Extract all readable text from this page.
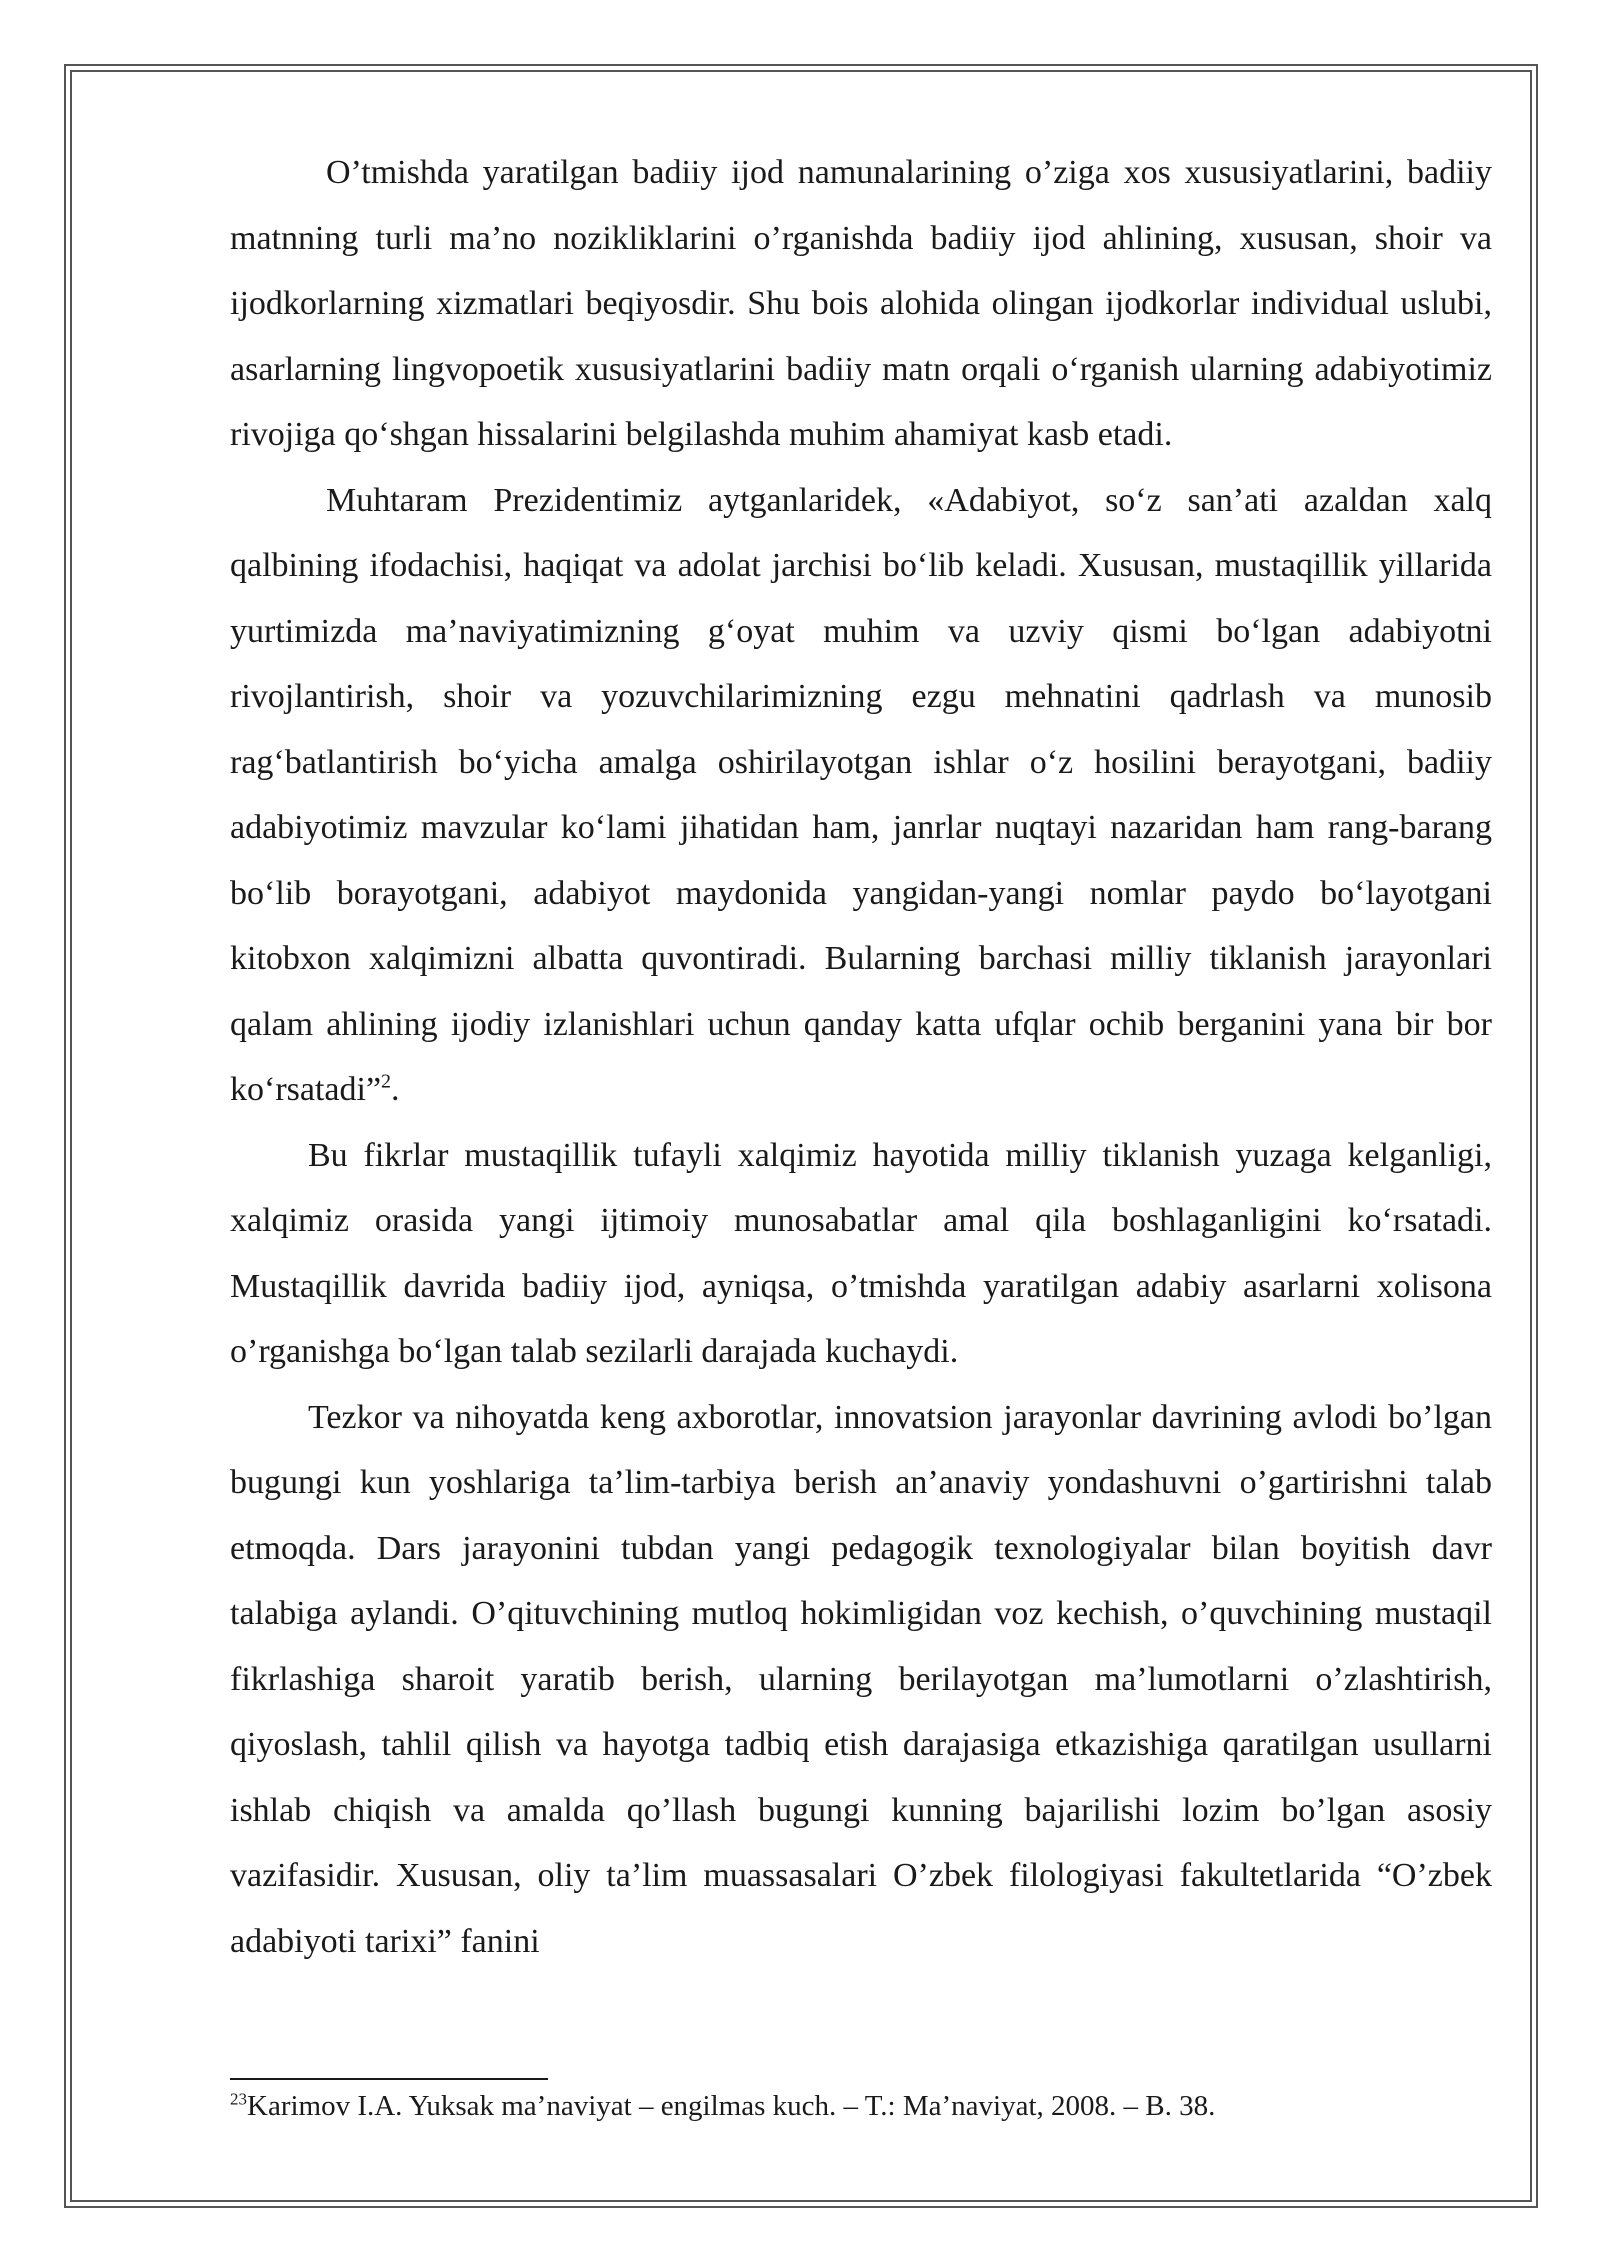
O’tmishda yaratilgan badiiy ijod namunalarining o’ziga xos xususiyatlarini, badiiy matnning turli ma’no nozikliklarini o’rganishda badiiy ijod ahlining, xususan, shoir va ijodkorlarning xizmatlari beqiyosdir. Shu bois alohida olingan ijodkorlar individual uslubi, asarlarning lingvopoetik xususiyatlarini badiiy matn orqali o‘rganish ularning adabiyotimiz rivojiga qo‘shgan hissalarini belgilashda muhim ahamiyat kasb etadi.

Muhtaram Prezidentimiz aytganlaridek, «Adabiyot, so‘z san’ati azaldan xalq qalbining ifodachisi, haqiqat va adolat jarchisi bo‘lib keladi. Xususan, mustaqillik yillarida yurtimizda ma’naviyatimizning g‘oyat muhim va uzviy qismi bo‘lgan adabiyotni rivojlantirish, shoir va yozuvchilarimizning ezgu mehnatini qadrlash va munosib rag‘batlantirish bo‘yicha amalga oshirilayotgan ishlar o‘z hosilini berayotgani, badiiy adabiyotimiz mavzular ko‘lami jihatidan ham, janrlar nuqtayi nazaridan ham rang-barang bo‘lib borayotgani, adabiyot maydonida yangidan-yangi nomlar paydo bo‘layotgani kitobxon xalqimizni albatta quvontiradi. Bularning barchasi milliy tiklanish jarayonlari qalam ahlining ijodiy izlanishlari uchun qanday katta ufqlar ochib berganini yana bir bor ko‘rsatadi”$^2$.

Bu fikrlar mustaqillik tufayli xalqimiz hayotida milliy tiklanish yuzaga kelganligi, xalqimiz orasida yangi ijtimoiy munosabatlar amal qila boshlaganligini ko‘rsatadi. Mustaqillik davrida badiiy ijod, ayniqsa, o’tmishda yaratilgan adabiy asarlarni xolisona o’rganishga bo‘lgan talab sezilarli darajada kuchaydi.

Tezkor va nihoyatda keng axborotlar, innovatsion jarayonlar davrining avlodi bo’lgan bugungi kun yoshlariga ta’lim-tarbiya berish an’anaviy yondashuvni o’gartirishni talab etmoqda. Dars jarayonini tubdan yangi pedagogik texnologiyalar bilan boyitish davr talabiga aylandi. O’qituvchining mutloq hokimligidan voz kechish, o’quvchining mustaqil fikrlashiga sharoit yaratib berish, ularning berilayotgan ma’lumotlarni o’zlashtirish, qiyoslash, tahlil qilish va hayotga tadbiq etish darajasiga etkazishiga qaratilgan usullarni ishlab chiqish va amalda qo’llash bugungi kunning bajarilishi lozim bo’lgan asosiy vazifasidir. Xususan, oliy ta’lim muassasalari O’zbek filologiyasi fakultetlarida “O’zbek adabiyoti tarixi” fanini

$^{23}$Karimov I.A. Yuksak ma’naviyat – engilmas kuch. – T.: Ma’naviyat, 2008. – B. 38.
